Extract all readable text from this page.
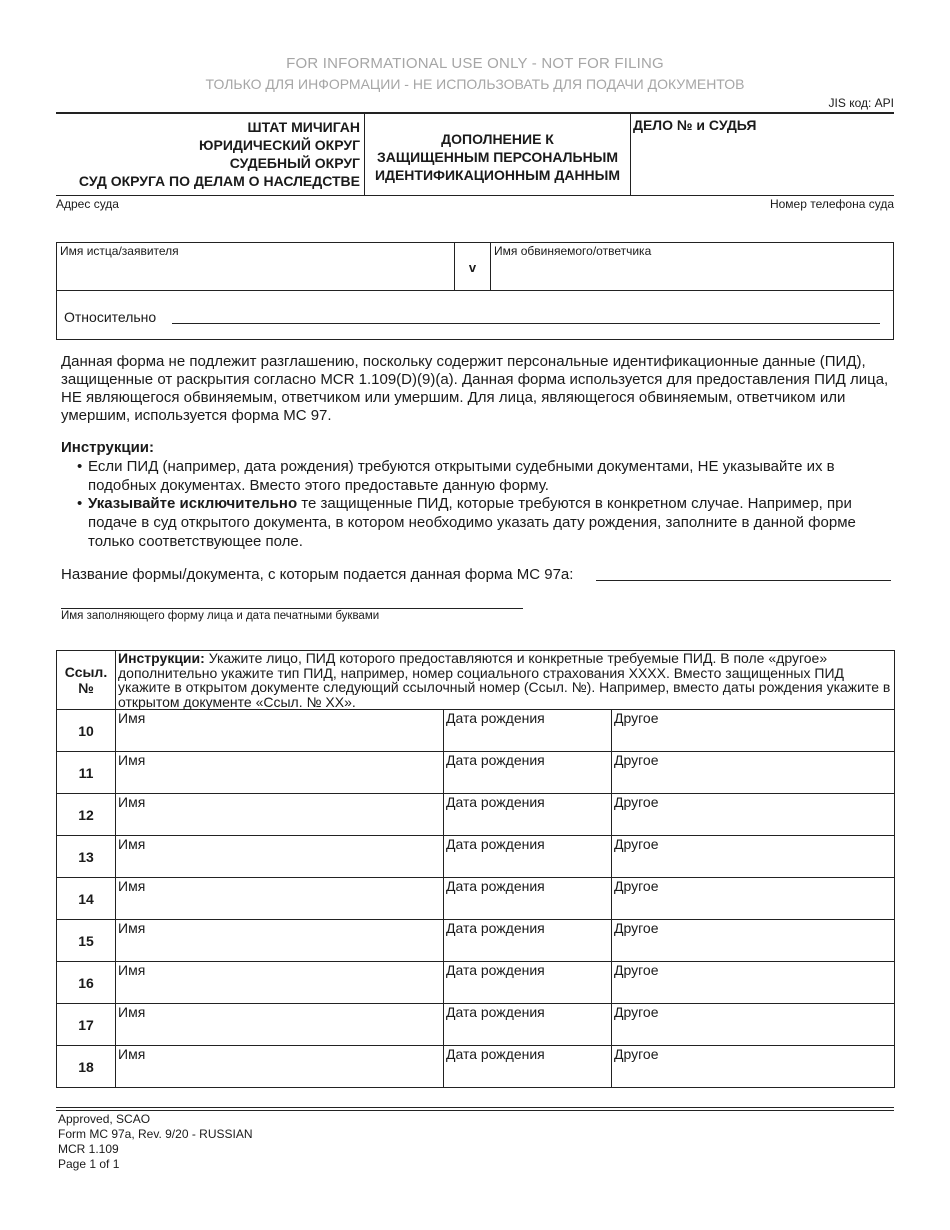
FOR INFORMATIONAL USE ONLY - NOT FOR FILING
ТОЛЬКО ДЛЯ ИНФОРМАЦИИ - НЕ ИСПОЛЬЗОВАТЬ ДЛЯ ПОДАЧИ ДОКУМЕНТОВ
JIS код: API
ШТАТ МИЧИГАН
ЮРИДИЧЕСКИЙ ОКРУГ
СУДЕБНЫЙ ОКРУГ
СУД ОКРУГА ПО ДЕЛАМ О НАСЛЕДСТВЕ
ДОПОЛНЕНИЕ К
ЗАЩИЩЕННЫМ ПЕРСОНАЛЬНЫМ
ИДЕНТИФИКАЦИОННЫМ ДАННЫМ
ДЕЛО № и СУДЬЯ
Адрес суда	Номер телефона суда
Имя истца/заявителя
v
Имя обвиняемого/ответчика
Относительно
Данная форма не подлежит разглашению, поскольку содержит персональные идентификационные данные (ПИД), защищенные от раскрытия согласно MCR 1.109(D)(9)(a). Данная форма используется для предоставления ПИД лица, НЕ являющегося обвиняемым, ответчиком или умершим. Для лица, являющегося обвиняемым, ответчиком или умершим, используется форма MC 97.
Инструкции:
• Если ПИД (например, дата рождения) требуются открытыми судебными документами, НЕ указывайте их в подобных документах. Вместо этого предоставьте данную форму.
• Указывайте исключительно те защищенные ПИД, которые требуются в конкретном случае. Например, при подаче в суд открытого документа, в котором необходимо указать дату рождения, заполните в данной форме только соответствующее поле.
Название формы/документа, с которым подается данная форма MC 97a:
Имя заполняющего форму лица и дата печатными буквами
Ссыл.
№	Инструкции: Укажите лицо, ПИД которого предоставляются и конкретные требуемые ПИД. В поле «другое» дополнительно укажите тип ПИД, например, номер социального страхования XXXX. Вместо защищенных ПИД укажите в открытом документе следующий ссылочный номер (Ссыл. №). Например, вместо даты рождения укажите в открытом документе «Ссыл. № XX».		
10	Имя	Дата рождения	Другое
11	Имя	Дата рождения	Другое
12	Имя	Дата рождения	Другое
13	Имя	Дата рождения	Другое
14	Имя	Дата рождения	Другое
15	Имя	Дата рождения	Другое
16	Имя	Дата рождения	Другое
17	Имя	Дата рождения	Другое
18	Имя	Дата рождения	Другое
Approved, SCAO
Form MC 97a, Rev. 9/20 - RUSSIAN
MCR 1.109
Page 1 of 1
